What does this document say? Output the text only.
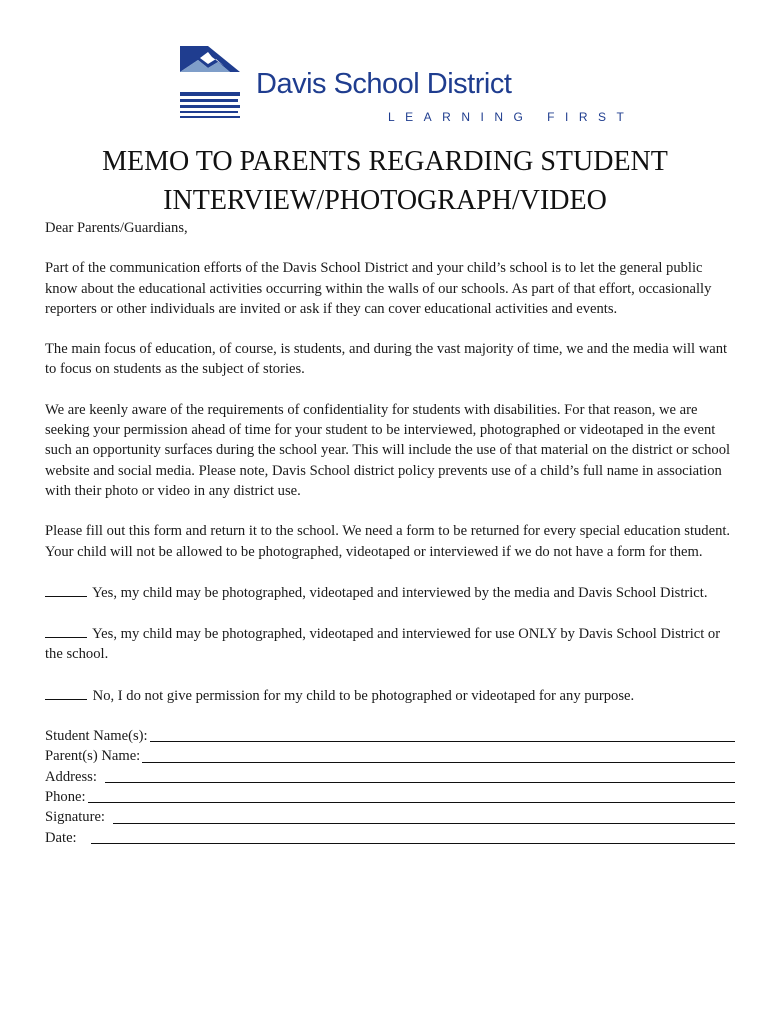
Davis School District
LEARNING FIRST
MEMO TO PARENTS REGARDING STUDENT
INTERVIEW/PHOTOGRAPH/VIDEO

Dear Parents/Guardians,

Part of the communication efforts of the Davis School District and your child’s school is to let the general public know about the educational activities occurring within the walls of our schools. As part of that effort, occasionally reporters or other individuals are invited or ask if they can cover educational activities and events.

The main focus of education, of course, is students, and during the vast majority of time, we and the media will want to focus on students as the subject of stories.

We are keenly aware of the requirements of confidentiality for students with disabilities. For that reason, we are seeking your permission ahead of time for your student to be interviewed, photographed or videotaped in the event such an opportunity surfaces during the school year. This will include the use of that material on the district or school website and social media. Please note, Davis School district policy prevents use of a child’s full name in association with their photo or video in any district use.

Please fill out this form and return it to the school. We need a form to be returned for every special education student. Your child will not be allowed to be photographed, videotaped or interviewed if we do not have a form for them.

Yes, my child may be photographed, videotaped and interviewed by the media and Davis School District.

Yes, my child may be photographed, videotaped and interviewed for use ONLY by Davis School District or the school.

No, I do not give permission for my child to be photographed or videotaped for any purpose.

Student Name(s):
Parent(s) Name:
Address:
Phone:
Signature:
Date:
